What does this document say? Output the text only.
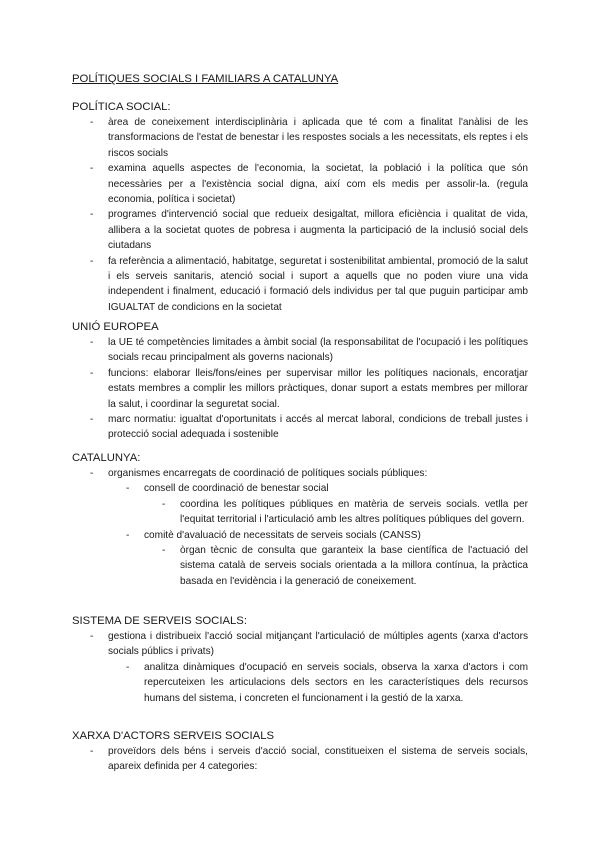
POLÍTIQUES SOCIALS I FAMILIARS A CATALUNYA
POLÍTICA SOCIAL:
- àrea de coneixement interdisciplinària i aplicada que té com a finalitat l'anàlisi de les transformacions de l'estat de benestar i les respostes socials a les necessitats, els reptes i els riscos socials
- examina aquells aspectes de l'economia, la societat, la població i la política que són necessàries per a l'existència social digna, així com els medis per assolir-la. (regula economia, política i societat)
- programes d'intervenció social que redueix desigaltat, millora eficiència i qualitat de vida, allibera a la societat quotes de pobresa i augmenta la participació de la inclusió social dels ciutadans
- fa referència a alimentació, habitatge, seguretat i sostenibilitat ambiental, promoció de la salut i els serveis sanitaris, atenció social i suport a aquells que no poden viure una vida independent i finalment, educació i formació dels individus per tal que puguin participar amb IGUALTAT de condicions en la societat
UNIÓ EUROPEA
- la UE té competències limitades a àmbit social (la responsabilitat de l'ocupació i les polítiques socials recau principalment als governs nacionals)
- funcions: elaborar lleis/fons/eines per supervisar millor les polítiques nacionals, encoratjar estats membres a complir les millors pràctiques, donar suport a estats membres per millorar la salut, i coordinar la seguretat social.
- marc normatiu: igualtat d'oportunitats i accés al mercat laboral, condicions de treball justes i protecció social adequada i sostenible
CATALUNYA:
- organismes encarregats de coordinació de polítiques socials públiques:
- consell de coordinació de benestar social
- coordina les polítiques públiques en matèria de serveis socials. vetlla per l'equitat territorial i l'articulació amb les altres polítiques públiques del govern.
- comitè d'avaluació de necessitats de serveis socials (CANSS)
- òrgan tècnic de consulta que garanteix la base científica de l'actuació del sistema català de serveis socials orientada a la millora contínua, la pràctica basada en l'evidència i la generació de coneixement.
SISTEMA DE SERVEIS SOCIALS:
- gestiona i distribueix l'acció social mitjançant l'articulació de múltiples agents (xarxa d'actors socials públics i privats)
- analitza dinàmiques d'ocupació en serveis socials, observa la xarxa d'actors i com repercuteixen les articulacions dels sectors en les característiques dels recursos humans del sistema, i concreten el funcionament i la gestió de la xarxa.
XARXA D'ACTORS SERVEIS SOCIALS
- proveïdors dels béns i serveis d'acció social, constitueixen el sistema de serveis socials, apareix definida per 4 categories:
